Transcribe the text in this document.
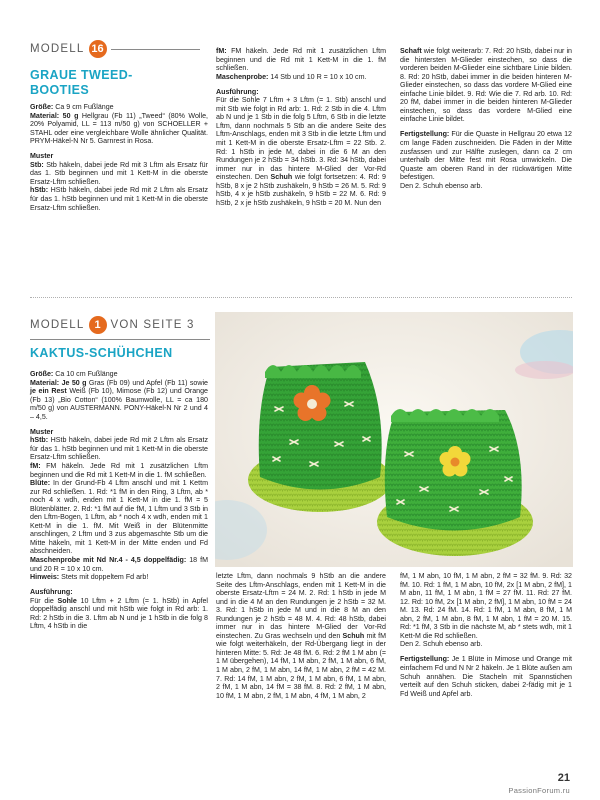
MODELL 16
GRAUE TWEED-
BOOTIES

Größe: Ca 9 cm Fußlänge

Material: 50 g Hellgrau (Fb 11) „Tweed“ (80% Wolle, 20% Polyamid, LL = 113 m/50 g) von SCHOELLER + STAHL oder eine vergleichbare Wolle ähnlicher Qualität. PRYM-Häkel-N Nr 5. Garnrest in Rosa.

Muster

Stb: Stb häkeln, dabei jede Rd mit 3 Lftm als Ersatz für das 1. Stb beginnen und mit 1 Kett-M in die oberste Ersatz-Lftm schließen.

hStb: HStb häkeln, dabei jede Rd mit 2 Lftm als Ersatz für das 1. hStb beginnen und mit 1 Kett-M in die oberste Ersatz-Lftm schließen.

fM: FM häkeln. Jede Rd mit 1 zusätzlichen Lftm beginnen und die Rd mit 1 Kett-M in die 1. fM schließen.

Maschenprobe: 14 Stb und 10 R = 10 x 10 cm.

Ausführung:

Für die Sohle 7 Lftm + 3 Lftm (= 1. Stb) anschl und mit Stb wie folgt in Rd arb: 1. Rd: 2 Stb in die 4. Lftm ab N und je 1 Stb in die folg 5 Lftm, 6 Stb in die letzte Lftm, dann nochmals 5 Stb an die andere Seite des Lftm-Anschlags, enden mit 3 Stb in die letzte Lftm und mit 1 Kett-M in die oberste Ersatz-Lftm = 22 Stb. 2. Rd: 1 hStb in jede M, dabei in die 6 M an den Rundungen je 2 hStb = 34 hStb. 3. Rd: 34 hStb, dabei immer nur in das hintere M-Glied der Vor-Rd einstechen. Den Schuh wie folgt fortsetzen: 4. Rd: 9 hStb, 8 x je 2 hStb zushäkeln, 9 hStb = 26 M. 5. Rd: 9 hStb, 4 x je hStb zushäkeln, 9 hStb = 22 M. 6. Rd: 9 hStb, 2 x je hStb zushäkeln, 9 hStb = 20 M. Nun den

Schaft wie folgt weiterarb: 7. Rd: 20 hStb, dabei nur in die hintersten M-Glieder einstechen, so dass die vorderen beiden M-Glieder eine sichtbare Linie bilden. 8. Rd: 20 hStb, dabei immer in die beiden hinteren M-Glieder einstechen, so dass das vordere M-Glied eine einfache Linie bildet. 9. Rd: Wie die 7. Rd arb. 10. Rd: 20 fM, dabei immer in die beiden hinteren M-Glieder einstechen, so dass das vordere M-Glied eine einfache Linie bildet.

Fertigstellung: Für die Quaste in Hellgrau 20 etwa 12 cm lange Fäden zuschneiden. Die Fäden in der Mitte zusfassen und zur Hälfte zuslegen, dann ca 2 cm unterhalb der Mitte fest mit Rosa umwickeln. Die Quaste am oberen Rand in der rückwärtigen Mitte befestigen.

Den 2. Schuh ebenso arb.

MODELL 1 VON SEITE 3
KAKTUS-SCHÜHCHEN

Größe: Ca 10 cm Fußlänge

Material: Je 50 g Gras (Fb 09) und Apfel (Fb 11) sowie je ein Rest Weiß (Fb 10), Mimose (Fb 12) und Orange (Fb 13) „Bio Cotton“ (100% Baumwolle, LL = ca 180 m/50 g) von AUSTERMANN. PONY-Häkel-N Nr 2 und 4 – 4,5.

Muster

hStb: HStb häkeln, dabei jede Rd mit 2 Lftm als Ersatz für das 1. hStb beginnen und mit 1 Kett-M in die oberste Ersatz-Lftm schließen.

fM: FM häkeln. Jede Rd mit 1 zusätzlichen Lftm beginnen und die Rd mit 1 Kett-M in die 1. fM schließen.

Blüte: In der Grund-Fb 4 Lftm anschl und mit 1 Kettm zur Rd schließen. 1. Rd: *1 fM in den Ring, 3 Lftm, ab * noch 4 x wdh, enden mit 1 Kett-M in die 1. fM = 5 Blütenblätter. 2. Rd: *1 fM auf die fM, 1 Lftm und 3 Stb in den Lftm-Bogen, 1 Lftm, ab * noch 4 x wdh, enden mit 1 Kett-M in die 1. fM. Mit Weiß in der Blütenmitte anschlingen, 2 Lftm und 3 zus abgemaschte Stb um die Mitte häkeln, mit 1 Kett-M in der Mitte enden und Fd abschneiden.

Maschenprobe mit Nd Nr.4 - 4,5 doppelfädig: 18 fM und 20 R = 10 x 10 cm.

Hinweis: Stets mit doppeltem Fd arb!

Ausführung:

Für die Sohle 10 Lftm + 2 Lftm (= 1. hStb) in Apfel doppelfädig anschl und mit hStb wie folgt in Rd arb: 1. Rd: 2 hStb in die 3. Lftm ab N und je 1 hStb in die folg 8 Lftm, 4 hStb in die

letzte Lftm, dann nochmals 9 hStb an die andere Seite des Lftm-Anschlags, enden mit 1 Kett-M in die oberste Ersatz-Lftm = 24 M. 2. Rd: 1 hStb in jede M und in die 4 M an den Rundungen je 2 hStb = 32 M. 3. Rd: 1 hStb in jede M und in die 8 M an den Rundungen je 2 hStb = 48 M. 4. Rd: 48 hStb, dabei immer nur in das hintere M-Glied der Vor-Rd einstechen. Zu Gras wechseln und den Schuh mit fM wie folgt weiterhäkeln, der Rd-Übergang liegt in der hinteren Mitte: 5. Rd: Je 48 fM. 6. Rd: 2 fM 1 M abn (= 1 M übergehen), 14 fM, 1 M abn, 2 fM, 1 M abn, 6 fM, 1 M abn, 2 fM, 1 M abn, 14 fM, 1 M abn, 2 fM = 42 M. 7. Rd: 14 fM, 1 M abn, 2 fM, 1 M abn, 6 fM, 1 M abn, 2 fM, 1 M abn, 14 fM = 38 fM. 8. Rd: 2 fM, 1 M abn, 10 fM, 1 M abn, 2 fM, 1 M abn, 4 fM, 1 M abn, 2

fM, 1 M abn, 10 fM, 1 M abn, 2 fM = 32 fM. 9. Rd: 32 fM. 10. Rd: 1 fM, 1 M abn, 10 fM, 2x [1 M abn, 2 fM], 1 M abn, 11 fM, 1 M abn, 1 fM = 27 fM. 11. Rd: 27 fM. 12. Rd: 10 fM, 2x [1 M abn, 2 fM], 1 M abn, 10 fM = 24 M. 13. Rd: 24 fM. 14. Rd: 1 fM, 1 M abn, 8 fM, 1 M abn, 2 fM, 1 M abn, 8 fM, 1 M abn, 1 fM = 20 M. 15. Rd: *1 fM, 3 Stb in die nächste M, ab * stets wdh, mit 1 Kett-M die Rd schließen.

Den 2. Schuh ebenso arb.

Fertigstellung: Je 1 Blüte in Mimose und Orange mit einfachem Fd und N Nr 2 häkeln. Je 1 Blüte außen am Schuh annähen. Die Stacheln mit Spannstichen verteilt auf den Schuh sticken, dabei 2-fädig mit je 1 Fd Weiß und Apfel arb.

21
PassionForum.ru
